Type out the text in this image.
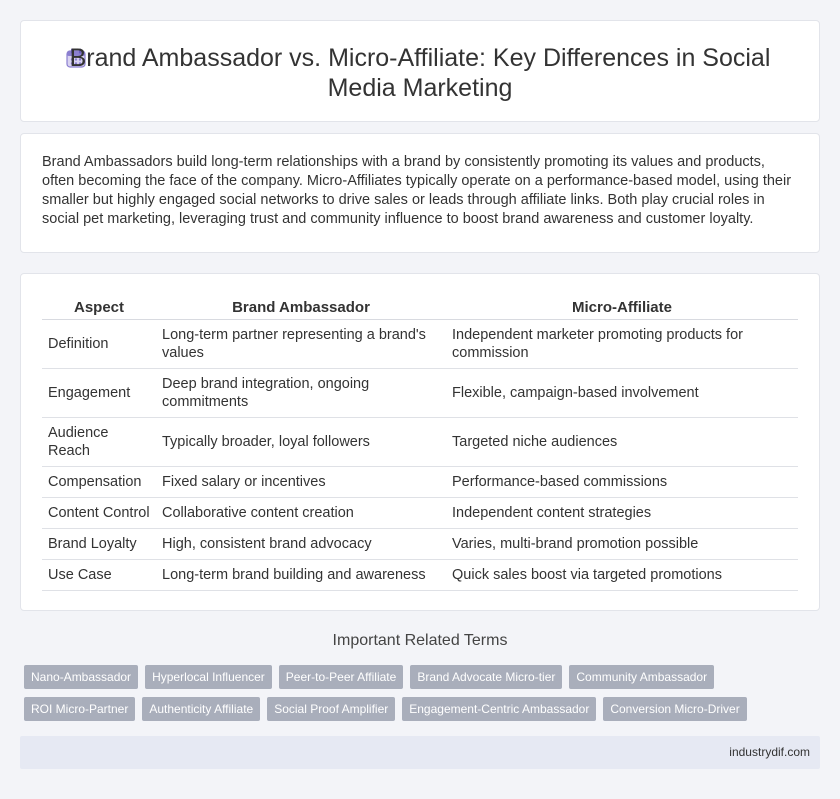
Brand Ambassador vs. Micro-Affiliate: Key Differences in Social Media Marketing

Brand Ambassadors build long-term relationships with a brand by consistently promoting its values and products, often becoming the face of the company. Micro-Affiliates typically operate on a performance-based model, using their smaller but highly engaged social networks to drive sales or leads through affiliate links. Both play crucial roles in social pet marketing, leveraging trust and community influence to boost brand awareness and customer loyalty.

Aspect	Brand Ambassador	Micro-Affiliate
Definition	Long-term partner representing a brand's values	Independent marketer promoting products for commission
Engagement	Deep brand integration, ongoing commitments	Flexible, campaign-based involvement
Audience Reach	Typically broader, loyal followers	Targeted niche audiences
Compensation	Fixed salary or incentives	Performance-based commissions
Content Control	Collaborative content creation	Independent content strategies
Brand Loyalty	High, consistent brand advocacy	Varies, multi-brand promotion possible
Use Case	Long-term brand building and awareness	Quick sales boost via targeted promotions
Important Related Terms
Nano-Ambassador	Hyperlocal Influencer	Peer-to-Peer Affiliate	Brand Advocate Micro-tier	Community Ambassador
ROI Micro-Partner	Authenticity Affiliate	Social Proof Amplifier	Engagement-Centric Ambassador	Conversion Micro-Driver
industrydif.com
